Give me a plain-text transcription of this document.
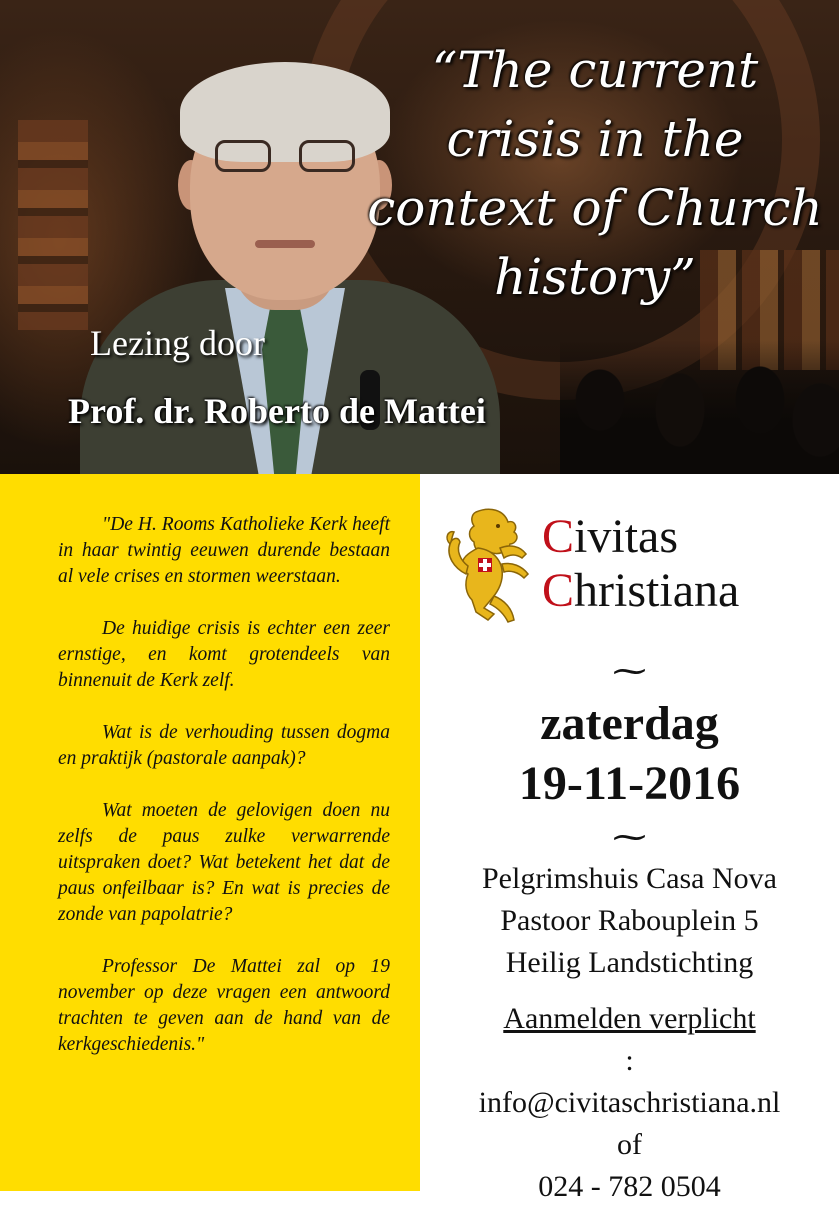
“The current
crisis in the
context of Church
history”
Lezing door
Prof. dr. Roberto de Mattei

"De H. Rooms Katholieke Kerk heeft in haar twintig eeuwen durende bestaan al vele crises en stormen weerstaan.

De huidige crisis is echter een zeer ernstige, en komt grotendeels van binnenuit de Kerk zelf.

Wat is de verhouding tussen dogma en praktijk (pastorale aanpak)?

Wat moeten de gelovigen doen nu zelfs de paus zulke verwarrende uitspraken doet? Wat betekent het dat de paus onfeilbaar is? En wat is precies de zonde van papolatrie?

Professor De Mattei zal op 19 november op deze vragen een antwoord trachten te geven aan de hand van de kerkgeschiedenis."

Civitas
Christiana
⁓
zaterdag
19-11-2016
⁓
Pelgrimshuis Casa Nova
Pastoor Rabouplein 5
Heilig Landstichting
Aanmelden verplicht
:
info@civitaschristiana.nl
of
024 - 782 0504
